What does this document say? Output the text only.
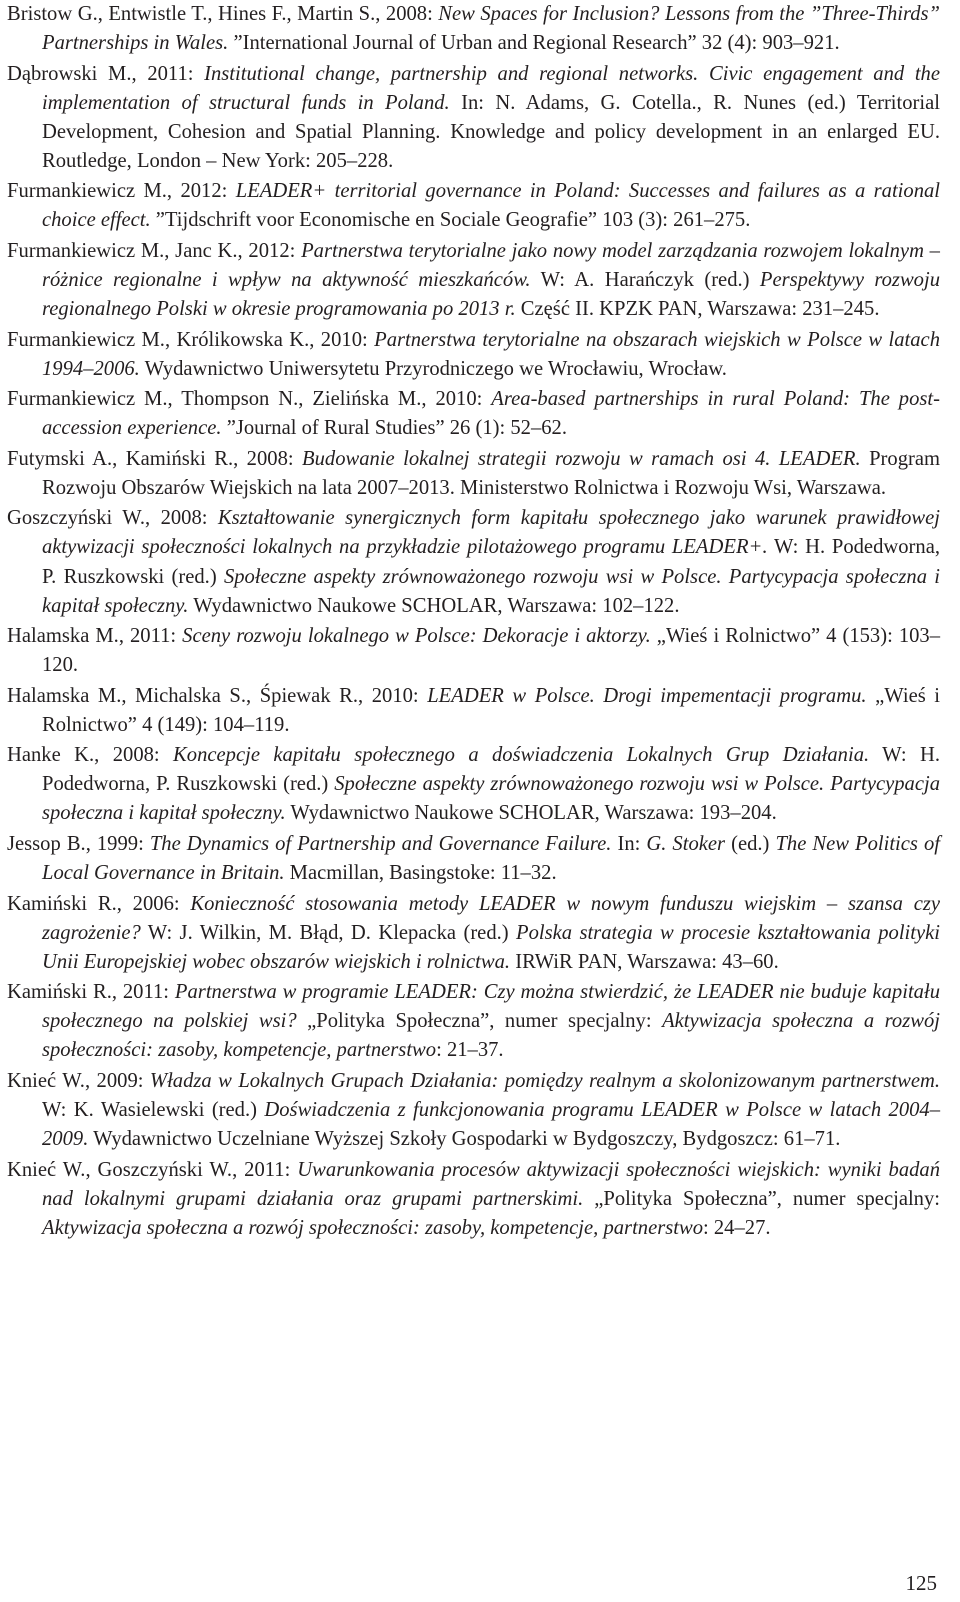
Bristow G., Entwistle T., Hines F., Martin S., 2008: New Spaces for Inclusion? Lessons from the ”Three-Thirds” Partnerships in Wales. ”International Journal of Urban and Regional Research” 32 (4): 903–921.

Dąbrowski M., 2011: Institutional change, partnership and regional networks. Civic engagement and the implementation of structural funds in Poland. In: N. Adams, G. Cotella., R. Nunes (ed.) Territorial Development, Cohesion and Spatial Planning. Knowledge and policy development in an enlarged EU. Routledge, London – New York: 205–228.

Furmankiewicz M., 2012: LEADER+ territorial governance in Poland: Successes and failures as a rational choice effect. ”Tijdschrift voor Economische en Sociale Geografie” 103 (3): 261–275.

Furmankiewicz M., Janc K., 2012: Partnerstwa terytorialne jako nowy model zarządzania rozwojem lokalnym – różnice regionalne i wpływ na aktywność mieszkańców. W: A. Harańczyk (red.) Perspektywy rozwoju regionalnego Polski w okresie programowania po 2013 r. Część II. KPZK PAN, Warszawa: 231–245.

Furmankiewicz M., Królikowska K., 2010: Partnerstwa terytorialne na obszarach wiejskich w Polsce w latach 1994–2006. Wydawnictwo Uniwersytetu Przyrodniczego we Wrocławiu, Wrocław.

Furmankiewicz M., Thompson N., Zielińska M., 2010: Area-based partnerships in rural Poland: The post-accession experience. ”Journal of Rural Studies” 26 (1): 52–62.

Futymski A., Kamiński R., 2008: Budowanie lokalnej strategii rozwoju w ramach osi 4. LEADER. Program Rozwoju Obszarów Wiejskich na lata 2007–2013. Ministerstwo Rolnictwa i Rozwoju Wsi, Warszawa.

Goszczyński W., 2008: Kształtowanie synergicznych form kapitału społecznego jako warunek prawidłowej aktywizacji społeczności lokalnych na przykładzie pilotażowego programu LEADER+. W: H. Podedworna, P. Ruszkowski (red.) Społeczne aspekty zrównoważonego rozwoju wsi w Polsce. Partycypacja społeczna i kapitał społeczny. Wydawnictwo Naukowe SCHOLAR, Warszawa: 102–122.

Halamska M., 2011: Sceny rozwoju lokalnego w Polsce: Dekoracje i aktorzy. „Wieś i Rolnictwo” 4 (153): 103–120.

Halamska M., Michalska S., Śpiewak R., 2010: LEADER w Polsce. Drogi impementacji programu. „Wieś i Rolnictwo” 4 (149): 104–119.

Hanke K., 2008: Koncepcje kapitału społecznego a doświadczenia Lokalnych Grup Działania. W: H. Podedworna, P. Ruszkowski (red.) Społeczne aspekty zrównoważonego rozwoju wsi w Polsce. Partycypacja społeczna i kapitał społeczny. Wydawnictwo Naukowe SCHOLAR, Warszawa: 193–204.

Jessop B., 1999: The Dynamics of Partnership and Governance Failure. In: G. Stoker (ed.) The New Politics of Local Governance in Britain. Macmillan, Basingstoke: 11–32.

Kamiński R., 2006: Konieczność stosowania metody LEADER w nowym funduszu wiejskim – szansa czy zagrożenie? W: J. Wilkin, M. Błąd, D. Klepacka (red.) Polska strategia w procesie kształtowania polityki Unii Europejskiej wobec obszarów wiejskich i rolnictwa. IRWiR PAN, Warszawa: 43–60.

Kamiński R., 2011: Partnerstwa w programie LEADER: Czy można stwierdzić, że LEADER nie buduje kapitału społecznego na polskiej wsi? „Polityka Społeczna”, numer specjalny: Aktywizacja społeczna a rozwój społeczności: zasoby, kompetencje, partnerstwo: 21–37.

Knieć W., 2009: Władza w Lokalnych Grupach Działania: pomiędzy realnym a skolonizowanym partnerstwem. W: K. Wasielewski (red.) Doświadczenia z funkcjonowania programu LEADER w Polsce w latach 2004–2009. Wydawnictwo Uczelniane Wyższej Szkoły Gospodarki w Bydgoszczy, Bydgoszcz: 61–71.

Knieć W., Goszczyński W., 2011: Uwarunkowania procesów aktywizacji społeczności wiejskich: wyniki badań nad lokalnymi grupami działania oraz grupami partnerskimi. „Polityka Społeczna”, numer specjalny: Aktywizacja społeczna a rozwój społeczności: zasoby, kompetencje, partnerstwo: 24–27.

125
